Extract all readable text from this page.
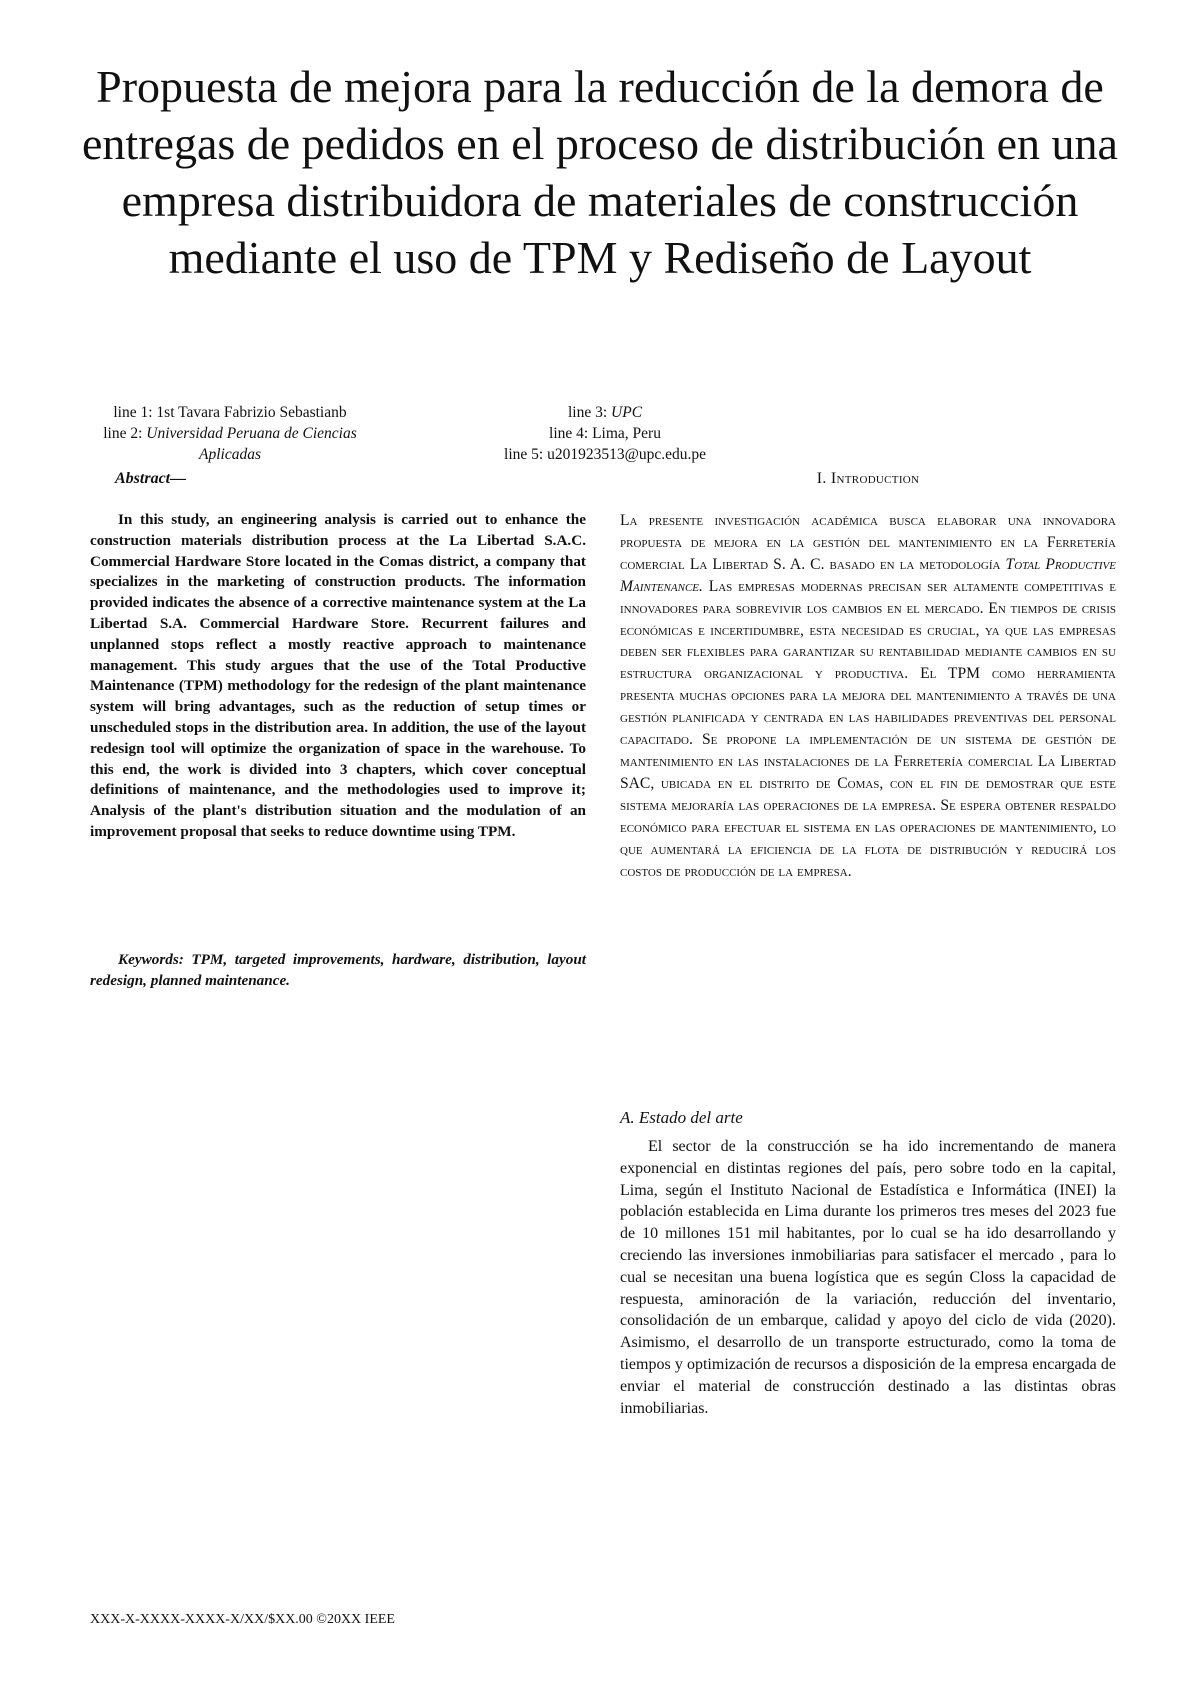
Propuesta de mejora para la reducción de la demora de entregas de pedidos en el proceso de distribución en una empresa distribuidora de materiales de construcción mediante el uso de TPM y Rediseño de Layout
line 1: 1st Tavara Fabrizio Sebastianb
line 2: Universidad Peruana de Ciencias Aplicadas
line 3: UPC
line 4: Lima, Peru
line 5: u201923513@upc.edu.pe
Abstract—

In this study, an engineering analysis is carried out to enhance the construction materials distribution process at the La Libertad S.A.C. Commercial Hardware Store located in the Comas district, a company that specializes in the marketing of construction products. The information provided indicates the absence of a corrective maintenance system at the La Libertad S.A. Commercial Hardware Store. Recurrent failures and unplanned stops reflect a mostly reactive approach to maintenance management. This study argues that the use of the Total Productive Maintenance (TPM) methodology for the redesign of the plant maintenance system will bring advantages, such as the reduction of setup times or unscheduled stops in the distribution area. In addition, the use of the layout redesign tool will optimize the organization of space in the warehouse. To this end, the work is divided into 3 chapters, which cover conceptual definitions of maintenance, and the methodologies used to improve it; Analysis of the plant's distribution situation and the modulation of an improvement proposal that seeks to reduce downtime using TPM.

Keywords: TPM, targeted improvements, hardware, distribution, layout redesign, planned maintenance.

I. Introduction

La presente investigación académica busca elaborar una innovadora propuesta de mejora en la gestión del mantenimiento en la Ferretería comercial La Libertad S. A. C. basado en la metodología Total Productive Maintenance. Las empresas modernas precisan ser altamente competitivas e innovadores para sobrevivir los cambios en el mercado. En tiempos de crisis económicas e incertidumbre, esta necesidad es crucial, ya que las empresas deben ser flexibles para garantizar su rentabilidad mediante cambios en su estructura organizacional y productiva. El TPM como herramienta presenta muchas opciones para la mejora del mantenimiento a través de una gestión planificada y centrada en las habilidades preventivas del personal capacitado. Se propone la implementación de un sistema de gestión de mantenimiento en las instalaciones de la Ferretería comercial La Libertad SAC, ubicada en el distrito de Comas, con el fin de demostrar que este sistema mejoraría las operaciones de la empresa. Se espera obtener respaldo económico para efectuar el sistema en las operaciones de mantenimiento, lo que aumentará la eficiencia de la flota de distribución y reducirá los costos de producción de la empresa.

A. Estado del arte

El sector de la construcción se ha ido incrementando de manera exponencial en distintas regiones del país, pero sobre todo en la capital, Lima, según el Instituto Nacional de Estadística e Informática (INEI) la población establecida en Lima durante los primeros tres meses del 2023 fue de 10 millones 151 mil habitantes, por lo cual se ha ido desarrollando y creciendo las inversiones inmobiliarias para satisfacer el mercado , para lo cual se necesitan una buena logística que es según Closs la capacidad de respuesta, aminoración de la variación, reducción del inventario, consolidación de un embarque, calidad y apoyo del ciclo de vida (2020). Asimismo, el desarrollo de un transporte estructurado, como la toma de tiempos y optimización de recursos a disposición de la empresa encargada de enviar el material de construcción destinado a las distintas obras inmobiliarias.

XXX-X-XXXX-XXXX-X/XX/$XX.00 ©20XX IEEE
